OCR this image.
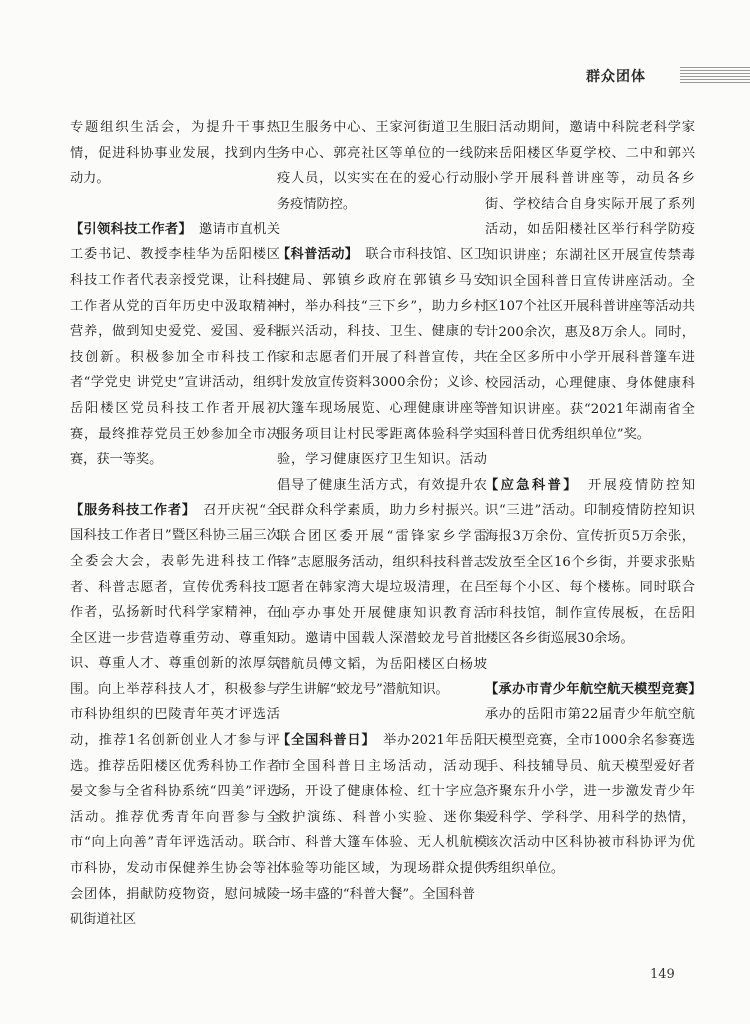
群众团体

专题组织生活会，为提升干事热情，促进科协事业发展，找到内生动力。

【引领科技工作者】　 邀请市直机关工委书记、教授李桂华为岳阳楼区科技工作者代表亲授党课，让科技工作者从党的百年历史中汲取精神营养，做到知史爱党、爱国、爱科技创新。积极参加全市科技工作者“学党史 讲党史”宣讲活动，组织岳阳楼区党员科技工作者开展初赛，最终推荐党员王妙参加全市决赛，获一等奖。

【服务科技工作者】　 召开庆祝“全国科技工作者日”暨区科协三届三次全委会大会，表彰先进科技工作者、科普志愿者，宣传优秀科技工作者，弘扬新时代科学家精神，在全区进一步营造尊重劳动、尊重知识、尊重人才、尊重创新的浓厚氛围。向上举荐科技人才，积极参与市科协组织的巴陵青年英才评选活动，推荐1名创新创业人才参与评选。推荐岳阳楼区优秀科协工作者晏文参与全省科协系统“四美”评选活动。推荐优秀青年向晋参与全市“向上向善”青年评选活动。联合市科协，发动市保健养生协会等社会团体，捐献防疫物资，慰问城陵矶街道社区

卫生服务中心、王家河街道卫生服务中心、郭亮社区等单位的一线防疫人员，以实实在在的爱心行动服务疫情防控。

【科普活动】　 联合市科技馆、区卫健局、郭镇乡政府在郭镇乡马安村，举办科技“三下乡”，助力乡村振兴活动，科技、卫生、健康的专家和志愿者们开展了科普宣传，共计发放宣传资料3000余份；义诊、大篷车现场展览、心理健康讲座等服务项目让村民零距离体验科学实验，学习健康医疗卫生知识。活动倡导了健康生活方式，有效提升农民群众科学素质，助力乡村振兴。联合团区委开展“雷锋家乡学雷锋”志愿服务活动，组织科技科普志愿者在韩家湾大堤垃圾清理，在吕仙亭办事处开展健康知识教育活动。邀请中国载人深潜蛟龙号首批潜航员傅文韬，为岳阳楼区白杨坡学生讲解“蛟龙号”潜航知识。

【全国科普日】　 举办2021年岳阳市全国科普日主场活动，活动现场，开设了健康体检、红十字应急救护演练、科普小实验、迷你集市、科普大篷车体验、无人机航模体验等功能区域，为现场群众提供一场丰盛的“科普大餐”。全国科普

日活动期间，邀请中科院老科学家来岳阳楼区华夏学校、二中和郭兴小学开展科普讲座等，动员各乡街、学校结合自身实际开展了系列活动，如岳阳楼社区举行科学防疫知识讲座；东湖社区开展宣传禁毒知识全国科普日宣传讲座活动。全区107个社区开展科普讲座等活动共计200余次，惠及8万余人。同时，在全区多所中小学开展科普篷车进校园活动，心理健康、身体健康科普知识讲座。获“2021年湖南省全国科普日优秀组织单位”奖。

【应急科普】　 开展疫情防控知识“三进”活动。印制疫情防控知识海报3万余份、宣传折页5万余张，发放至全区16个乡街，并要求张贴至每个小区、每个楼栋。同时联合市科技馆，制作宣传展板，在岳阳楼区各乡街巡展30余场。

【承办市青少年航空航天模型竞赛】　承办的岳阳市第22届青少年航空航天模型竞赛，全市1000余名参赛选手、科技辅导员、航天模型爱好者齐聚东升小学，进一步激发青少年爱科学、学科学、用科学的热情，该次活动中区科协被市科协评为优秀组织单位。

149
